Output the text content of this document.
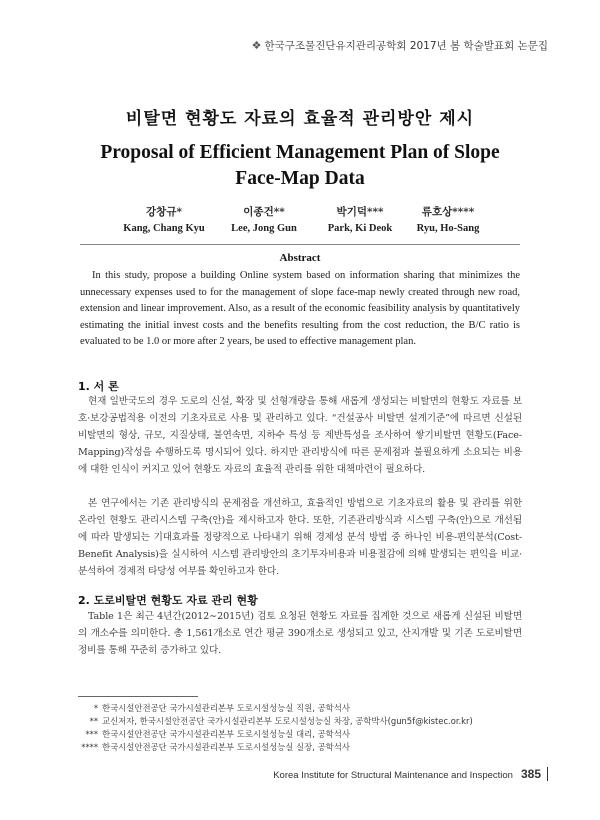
❖ 한국구조물진단유지관리공학회 2017년 봄 학술발표회 논문집
비탈면 현황도 자료의 효율적 관리방안 제시
Proposal of Efficient Management Plan of Slope
Face-Map Data
강창규*
Kang, Chang Kyu
이종건**
Lee, Jong Gun
박기덕***
Park, Ki Deok
류호상****
Ryu, Ho-Sang
Abstract
In this study, propose a building Online system based on information sharing that minimizes the unnecessary expenses used to for the management of slope face-map newly created through new road, extension and linear improvement. Also, as a result of the economic feasibility analysis by quantitatively estimating the initial invest costs and the benefits resulting from the cost reduction, the B/C ratio is evaluated to be 1.0 or more after 2 years, be used to effective management plan.
1. 서 론
현재 일반국도의 경우 도로의 신설, 확장 및 선형개량을 통해 새롭게 생성되는 비탈면의 현황도 자료를 보호·보강공법적용 이전의 기초자료로 사용 및 관리하고 있다. “건설공사 비탈면 설계기준”에 따르면 신설된 비탈면의 형상, 규모, 지질상태, 불연속면, 지하수 특성 등 제반특성을 조사하여 쌓기비탈면 현황도(Face-Mapping)작성을 수행하도록 명시되어 있다. 하지만 관리방식에 따른 문제점과 불필요하게 소요되는 비용에 대한 인식이 커지고 있어 현황도 자료의 효율적 관리를 위한 대책마련이 필요하다.
본 연구에서는 기존 관리방식의 문제점을 개선하고, 효율적인 방법으로 기초자료의 활용 및 관리를 위한 온라인 현황도 관리시스템 구축(안)을 제시하고자 한다. 또한, 기존관리방식과 시스템 구축(안)으로 개선됨에 따라 발생되는 기대효과를 정량적으로 나타내기 위해 경제성 분석 방법 중 하나인 비용-편익분석(Cost-Benefit Analysis)을 실시하여 시스템 관리방안의 초기투자비용과 비용절감에 의해 발생되는 편익을 비교·분석하여 경제적 타당성 여부를 확인하고자 한다.
2. 도로비탈면 현황도 자료 관리 현황
Table 1은 최근 4년간(2012∼2015년) 검토 요청된 현황도 자료를 집계한 것으로 새롭게 신설된 비탈면의 개소수를 의미한다. 총 1,561개소로 연간 평균 390개소로 생성되고 있고, 산지개발 및 기존 도로비탈면 정비를 통해 꾸준히 증가하고 있다.
* 한국시설안전공단 국가시설관리본부 도로시설성능실 직원, 공학석사
** 교신저자, 한국시설안전공단 국가시설관리본부 도로시설성능실 차장, 공학박사(gun5f@kistec.or.kr)
*** 한국시설안전공단 국가시설관리본부 도로시설성능실 대리, 공학석사
**** 한국시설안전공단 국가시설관리본부 도로시설성능실 실장, 공학석사
Korea Institute for Structural Maintenance and Inspection 385
